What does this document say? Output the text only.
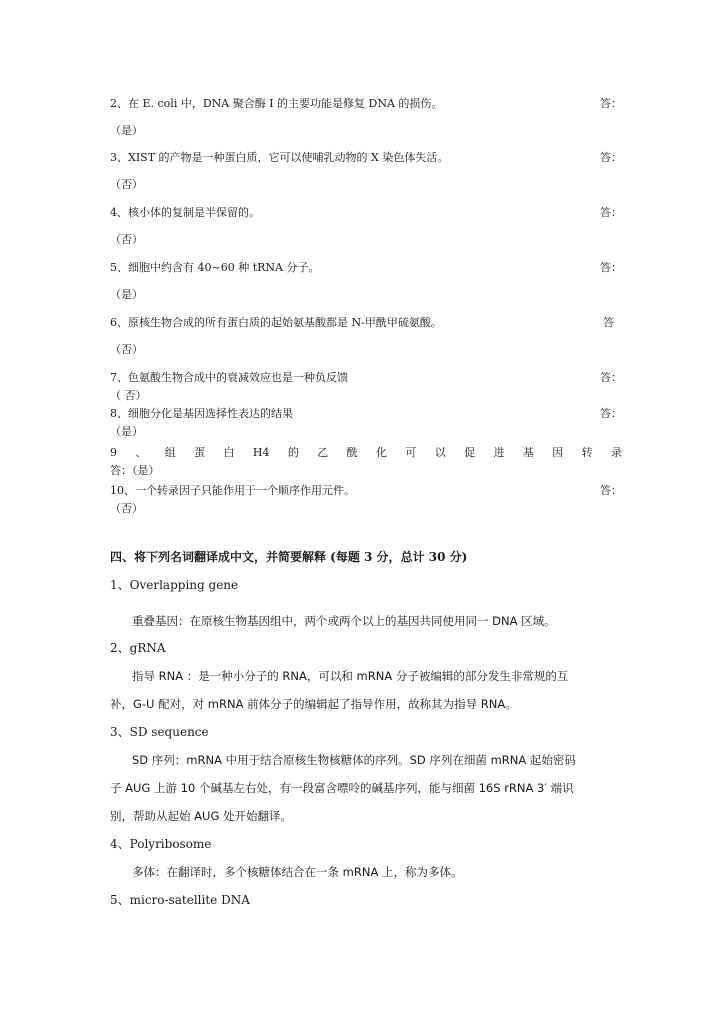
2、在 E. coli 中，DNA 聚合酶 I 的主要功能是修复 DNA 的损伤。	答：
（是）
3、XIST 的产物是一种蛋白质，它可以使哺乳动物的 X 染色体失活。	答：
（否）
4、核小体的复制是半保留的。	答：
（否）
5、细胞中约含有 40~60 种 tRNA 分子。	答：
（是）
6、原核生物合成的所有蛋白质的起始氨基酸都是 N-甲酰甲硫氨酸。	答
（否）
7、色氨酸生物合成中的衰减效应也是一种负反馈	答：
（ 否）
8、细胞分化是基因选择性表达的结果	答：
（是）
9 、 组 蛋 白 H4 的 乙 酰 化 可 以 促 进 基 因 转 录
答：（是）
10、一个转录因子只能作用于一个顺序作用元件。	答：
（否）
四、将下列名词翻译成中文，并简要解释 (每题 3 分，总计 30 分)
1、Overlapping gene
重叠基因：在原核生物基因组中，两个或两个以上的基因共同使用同一 DNA 区域。
2、gRNA
指导 RNA ：是一种小分子的 RNA，可以和 mRNA 分子被编辑的部分发生非常规的互
补，G-U 配对，对 mRNA 前体分子的编辑起了指导作用，故称其为指导 RNA。
3、SD sequence
SD 序列：mRNA 中用于结合原核生物核糖体的序列。SD 序列在细菌 mRNA 起始密码
子 AUG 上游 10 个碱基左右处，有一段富含嘌呤的碱基序列，能与细菌 16S rRNA 3′ 端识
别，帮助从起始 AUG 处开始翻译。
4、Polyribosome
多体：在翻译时，多个核糖体结合在一条 mRNA 上，称为多体。
5、micro-satellite DNA
